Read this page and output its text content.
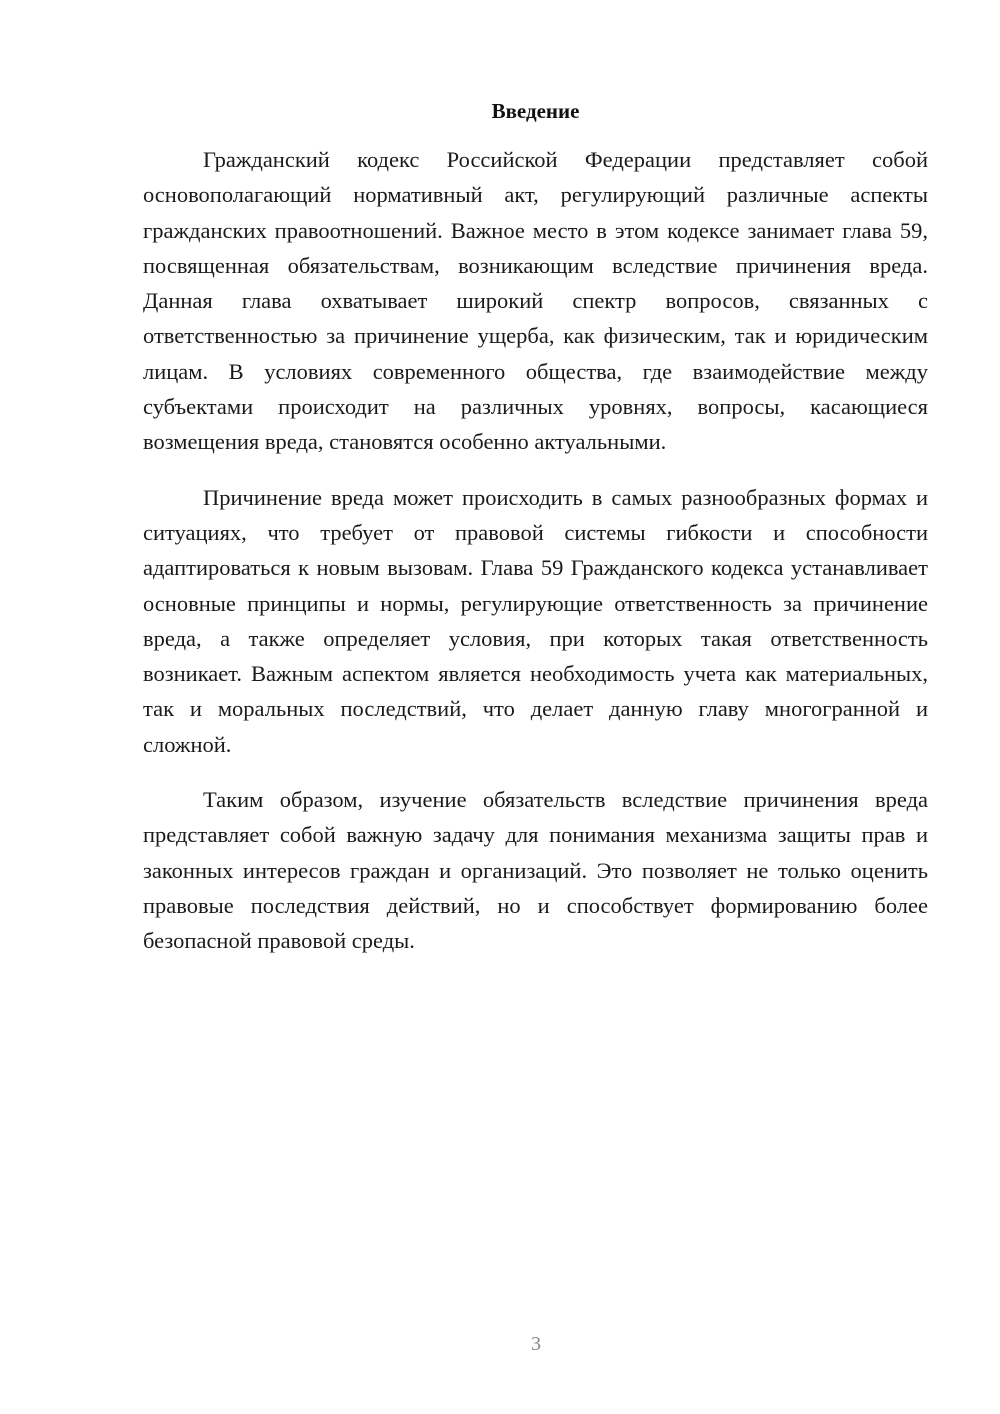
Введение

Гражданский кодекс Российской Федерации представляет собой основополагающий нормативный акт, регулирующий различные аспекты гражданских правоотношений. Важное место в этом кодексе занимает глава 59, посвященная обязательствам, возникающим вследствие причинения вреда. Данная глава охватывает широкий спектр вопросов, связанных с ответственностью за причинение ущерба, как физическим, так и юридическим лицам. В условиях современного общества, где взаимодействие между субъектами происходит на различных уровнях, вопросы, касающиеся возмещения вреда, становятся особенно актуальными.

Причинение вреда может происходить в самых разнообразных формах и ситуациях, что требует от правовой системы гибкости и способности адаптироваться к новым вызовам. Глава 59 Гражданского кодекса устанавливает основные принципы и нормы, регулирующие ответственность за причинение вреда, а также определяет условия, при которых такая ответственность возникает. Важным аспектом является необходимость учета как материальных, так и моральных последствий, что делает данную главу многогранной и сложной.

Таким образом, изучение обязательств вследствие причинения вреда представляет собой важную задачу для понимания механизма защиты прав и законных интересов граждан и организаций. Это позволяет не только оценить правовые последствия действий, но и способствует формированию более безопасной правовой среды.

3
